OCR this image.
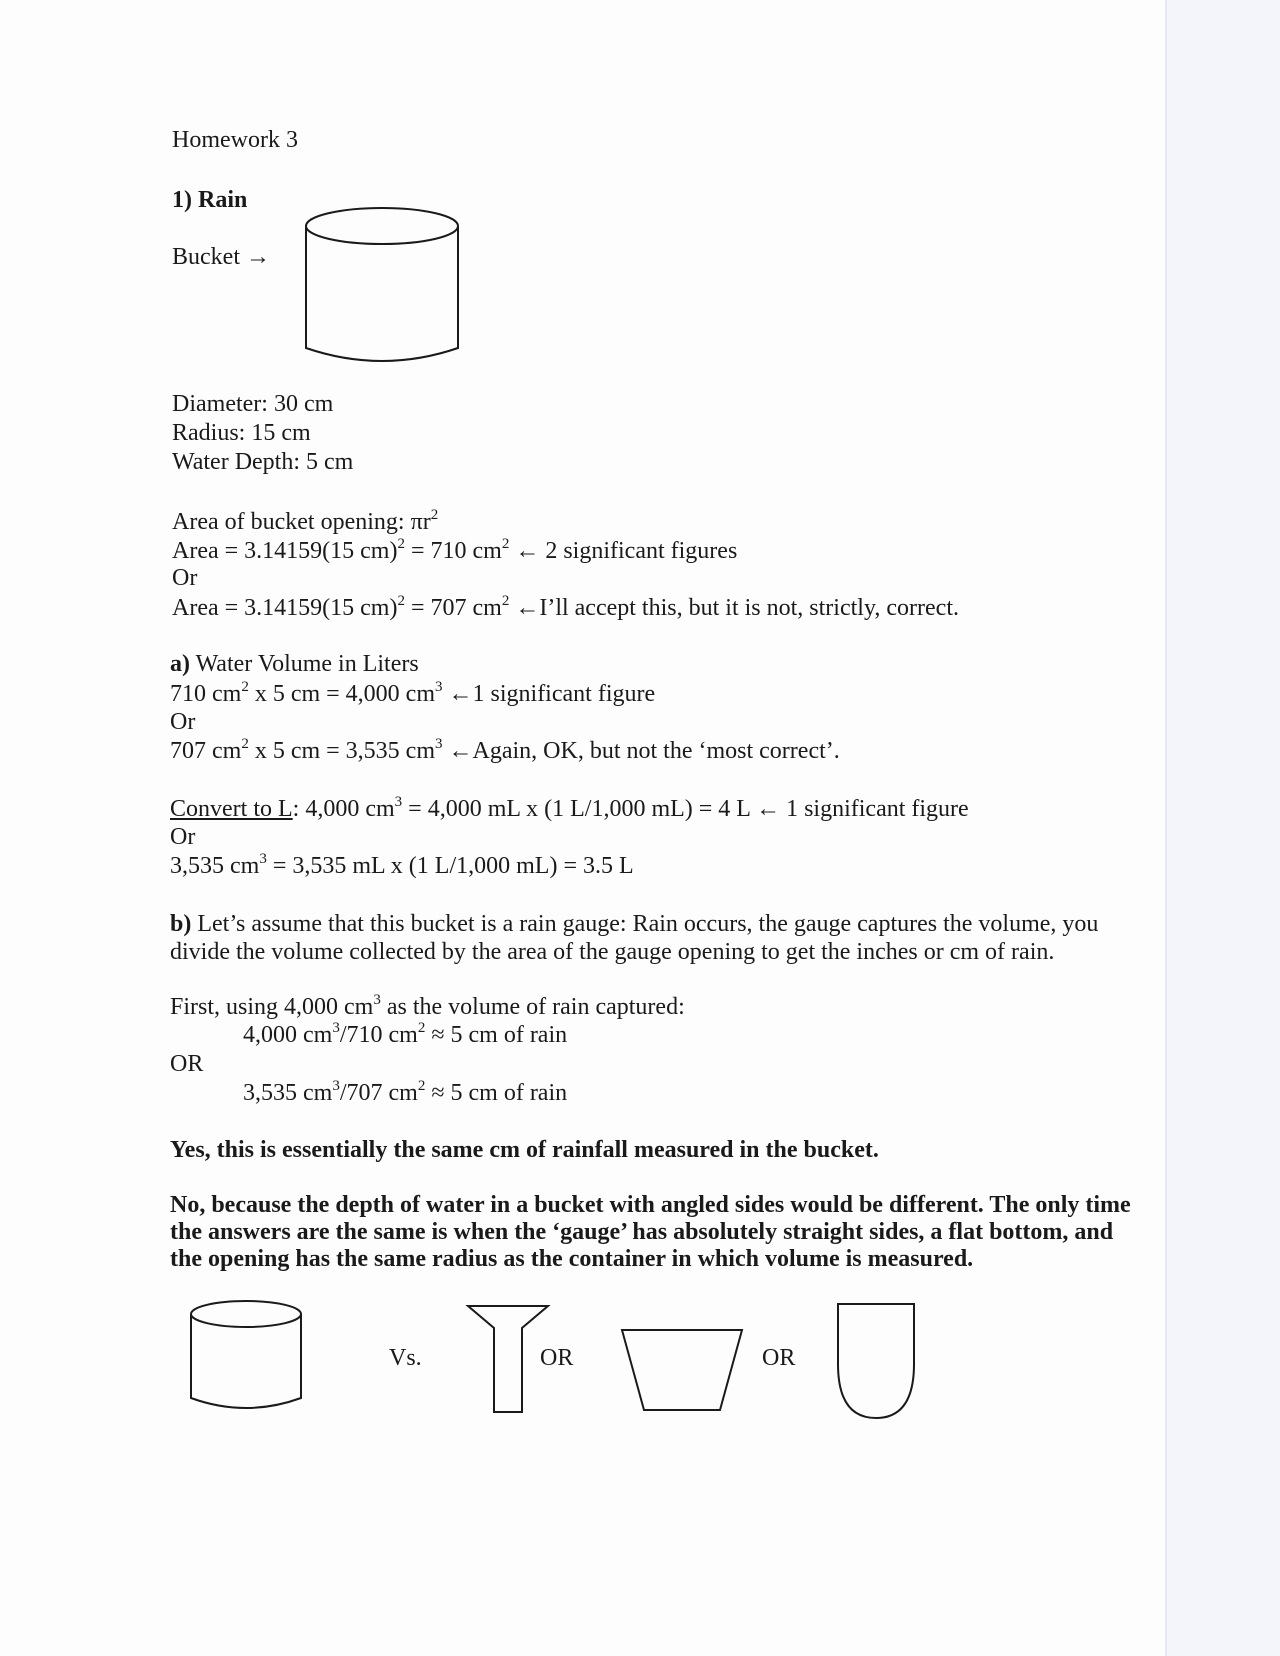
Homework 3
1) Rain
Bucket →
Diameter: 30 cm
Radius: 15 cm
Water Depth: 5 cm
Area of bucket opening: $\pi r^2$
Area = 3.14159(15 cm)$^2$ = 710 $cm^2$ ← 2 significant figures
Or
Area = 3.14159(15 cm)$^2$ = 707 $cm^2$ ←I’ll accept this, but it is not, strictly, correct.
a) Water Volume in Liters
710 $cm^2$ x 5 cm = 4,000 $cm^3$ ←1 significant figure
Or
707 $cm^2$ x 5 cm = 3,535 $cm^3$ ←Again, OK, but not the ‘most correct’.
Convert to L: 4,000 $cm^3 = 4,000$ mL x (1 L/1,000 mL) = 4 L ← 1 significant figure
Or
3,535 $cm^3 = 3,535$ mL x (1 L/1,000 mL) = 3.5 L
b) Let’s assume that this bucket is a rain gauge: Rain occurs, the gauge captures the volume, you divide the volume collected by the area of the gauge opening to get the inches or cm of rain.
First, using 4,000 $cm^3$ as the volume of rain captured:
4,000 $cm^3/710$ $cm^2 \approx 5$ cm of rain
OR
3,535 $cm^3/707$ $cm^2 \approx 5$ cm of rain
Yes, this is essentially the same cm of rainfall measured in the bucket.
No, because the depth of water in a bucket with angled sides would be different. The only time the answers are the same is when the ‘gauge’ has absolutely straight sides, a flat bottom, and the opening has the same radius as the container in which volume is measured.
Vs.	OR	OR
